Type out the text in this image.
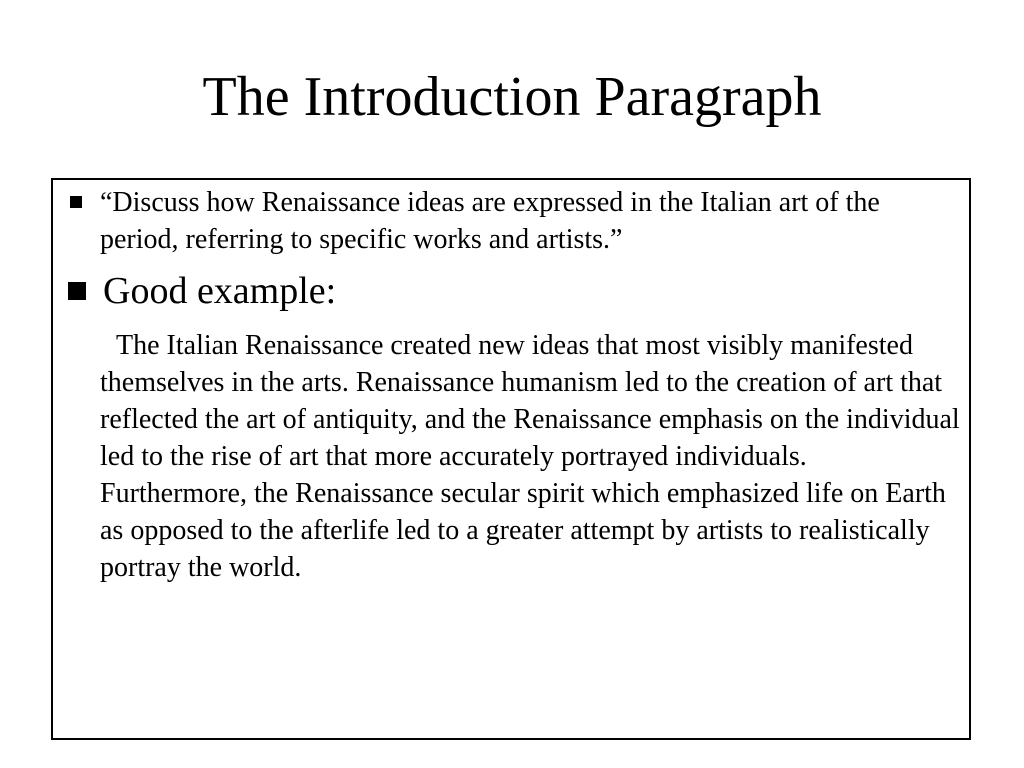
The Introduction Paragraph
“Discuss how Renaissance ideas are expressed in the Italian art of the period, referring to specific works and artists.”
Good example:

The Italian Renaissance created new ideas that most visibly manifested themselves in the arts. Renaissance humanism led to the creation of art that reflected the art of antiquity, and the Renaissance emphasis on the individual led to the rise of art that more accurately portrayed individuals. Furthermore, the Renaissance secular spirit which emphasized life on Earth as opposed to the afterlife led to a greater attempt by artists to realistically portray the world.
